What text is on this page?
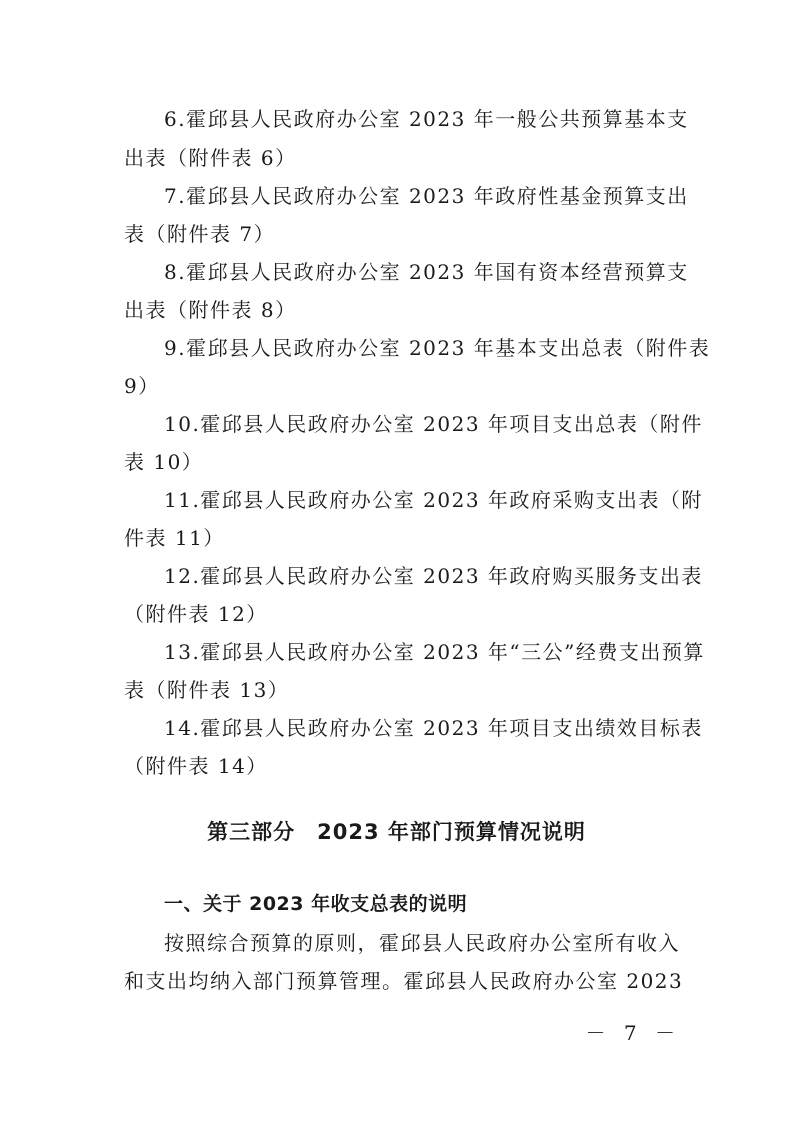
6.霍邱县人民政府办公室 2023 年一般公共预算基本支
出表（附件表 6）
7.霍邱县人民政府办公室 2023 年政府性基金预算支出
表（附件表 7）
8.霍邱县人民政府办公室 2023 年国有资本经营预算支
出表（附件表 8）
9.霍邱县人民政府办公室 2023 年基本支出总表（附件表
9）
10.霍邱县人民政府办公室 2023 年项目支出总表（附件
表 10）
11.霍邱县人民政府办公室 2023 年政府采购支出表（附
件表 11）
12.霍邱县人民政府办公室 2023 年政府购买服务支出表
（附件表 12）
13.霍邱县人民政府办公室 2023 年“三公”经费支出预算
表（附件表 13）
14.霍邱县人民政府办公室 2023 年项目支出绩效目标表
（附件表 14）
第三部分　2023 年部门预算情况说明
一、关于 2023 年收支总表的说明
按照综合预算的原则，霍邱县人民政府办公室所有收入
和支出均纳入部门预算管理。霍邱县人民政府办公室 2023
－ 7 －
